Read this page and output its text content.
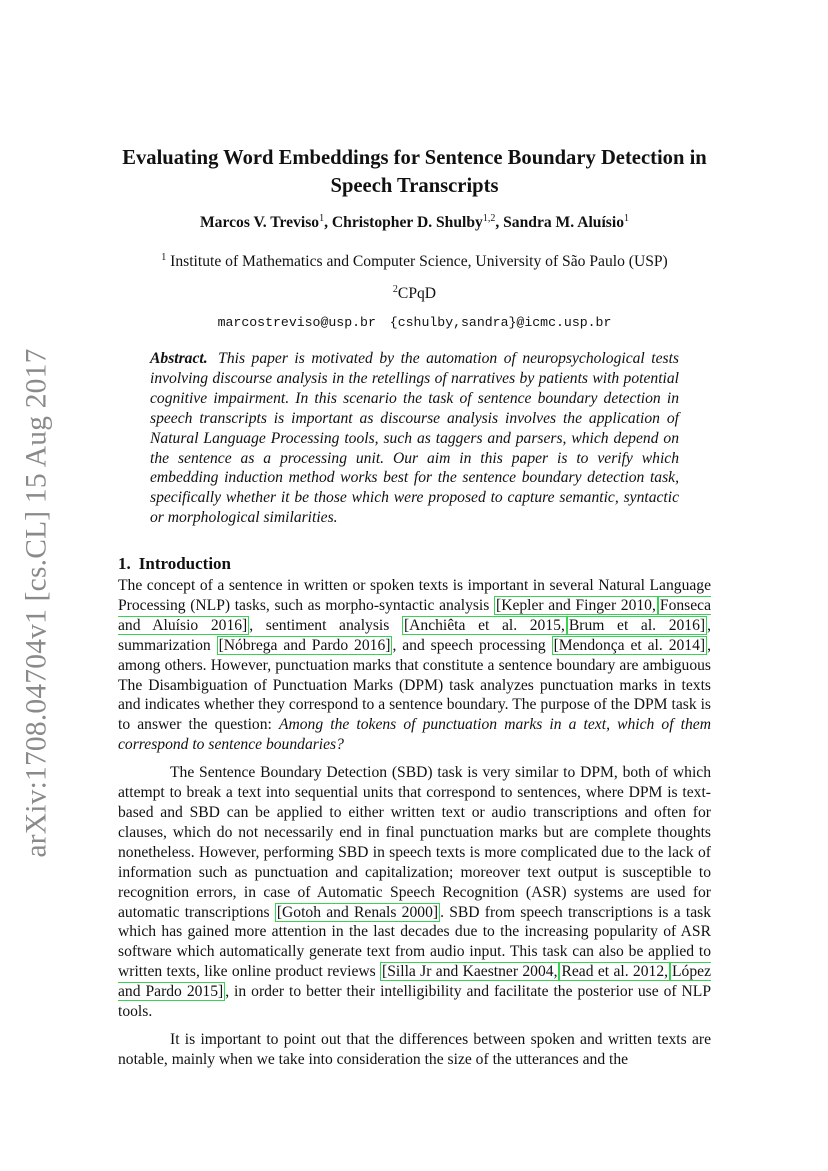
arXiv:1708.04704v1 [cs.CL] 15 Aug 2017
Evaluating Word Embeddings for Sentence Boundary Detection in Speech Transcripts
Marcos V. Treviso$^1$, Christopher D. Shulby$^{1,2}$, Sandra M. Aluísio$^1$
$^1$ Institute of Mathematics and Computer Science, University of São Paulo (USP)
$^2$CPqD
marcostreviso@usp.br {cshulby,sandra}@icmc.usp.br

Abstract. This paper is motivated by the automation of neuropsychological tests involving discourse analysis in the retellings of narratives by patients with potential cognitive impairment. In this scenario the task of sentence boundary detection in speech transcripts is important as discourse analysis involves the application of Natural Language Processing tools, such as taggers and parsers, which depend on the sentence as a processing unit. Our aim in this paper is to verify which embedding induction method works best for the sentence boundary detection task, specifically whether it be those which were proposed to capture semantic, syntactic or morphological similarities.

1. Introduction

The concept of a sentence in written or spoken texts is important in several Natural Language Processing (NLP) tasks, such as morpho-syntactic analysis [Kepler and Finger 2010, Fonseca and Aluísio 2016] , sentiment analysis [Anchiêta et al. 2015, Brum et al. 2016] , summarization [Nóbrega and Pardo 2016] , and speech processing [Mendonça et al. 2014] , among others. However, punctuation marks that constitute a sentence boundary are ambiguous The Disambiguation of Punctuation Marks (DPM) task analyzes punctuation marks in texts and indicates whether they correspond to a sentence boundary. The purpose of the DPM task is to answer the question: Among the tokens of punctuation marks in a text, which of them correspond to sentence boundaries?

The Sentence Boundary Detection (SBD) task is very similar to DPM, both of which attempt to break a text into sequential units that correspond to sentences, where DPM is text-based and SBD can be applied to either written text or audio transcriptions and often for clauses, which do not necessarily end in final punctuation marks but are complete thoughts nonetheless. However, performing SBD in speech texts is more complicated due to the lack of information such as punctuation and capitalization; moreover text output is susceptible to recognition errors, in case of Automatic Speech Recognition (ASR) systems are used for automatic transcriptions [Gotoh and Renals 2000] . SBD from speech transcriptions is a task which has gained more attention in the last decades due to the increasing popularity of ASR software which automatically generate text from audio input. This task can also be applied to written texts, like online product reviews [Silla Jr and Kaestner 2004, Read et al. 2012, López and Pardo 2015] , in order to better their intelligibility and facilitate the posterior use of NLP tools.

It is important to point out that the differences between spoken and written texts are notable, mainly when we take into consideration the size of the utterances and the
